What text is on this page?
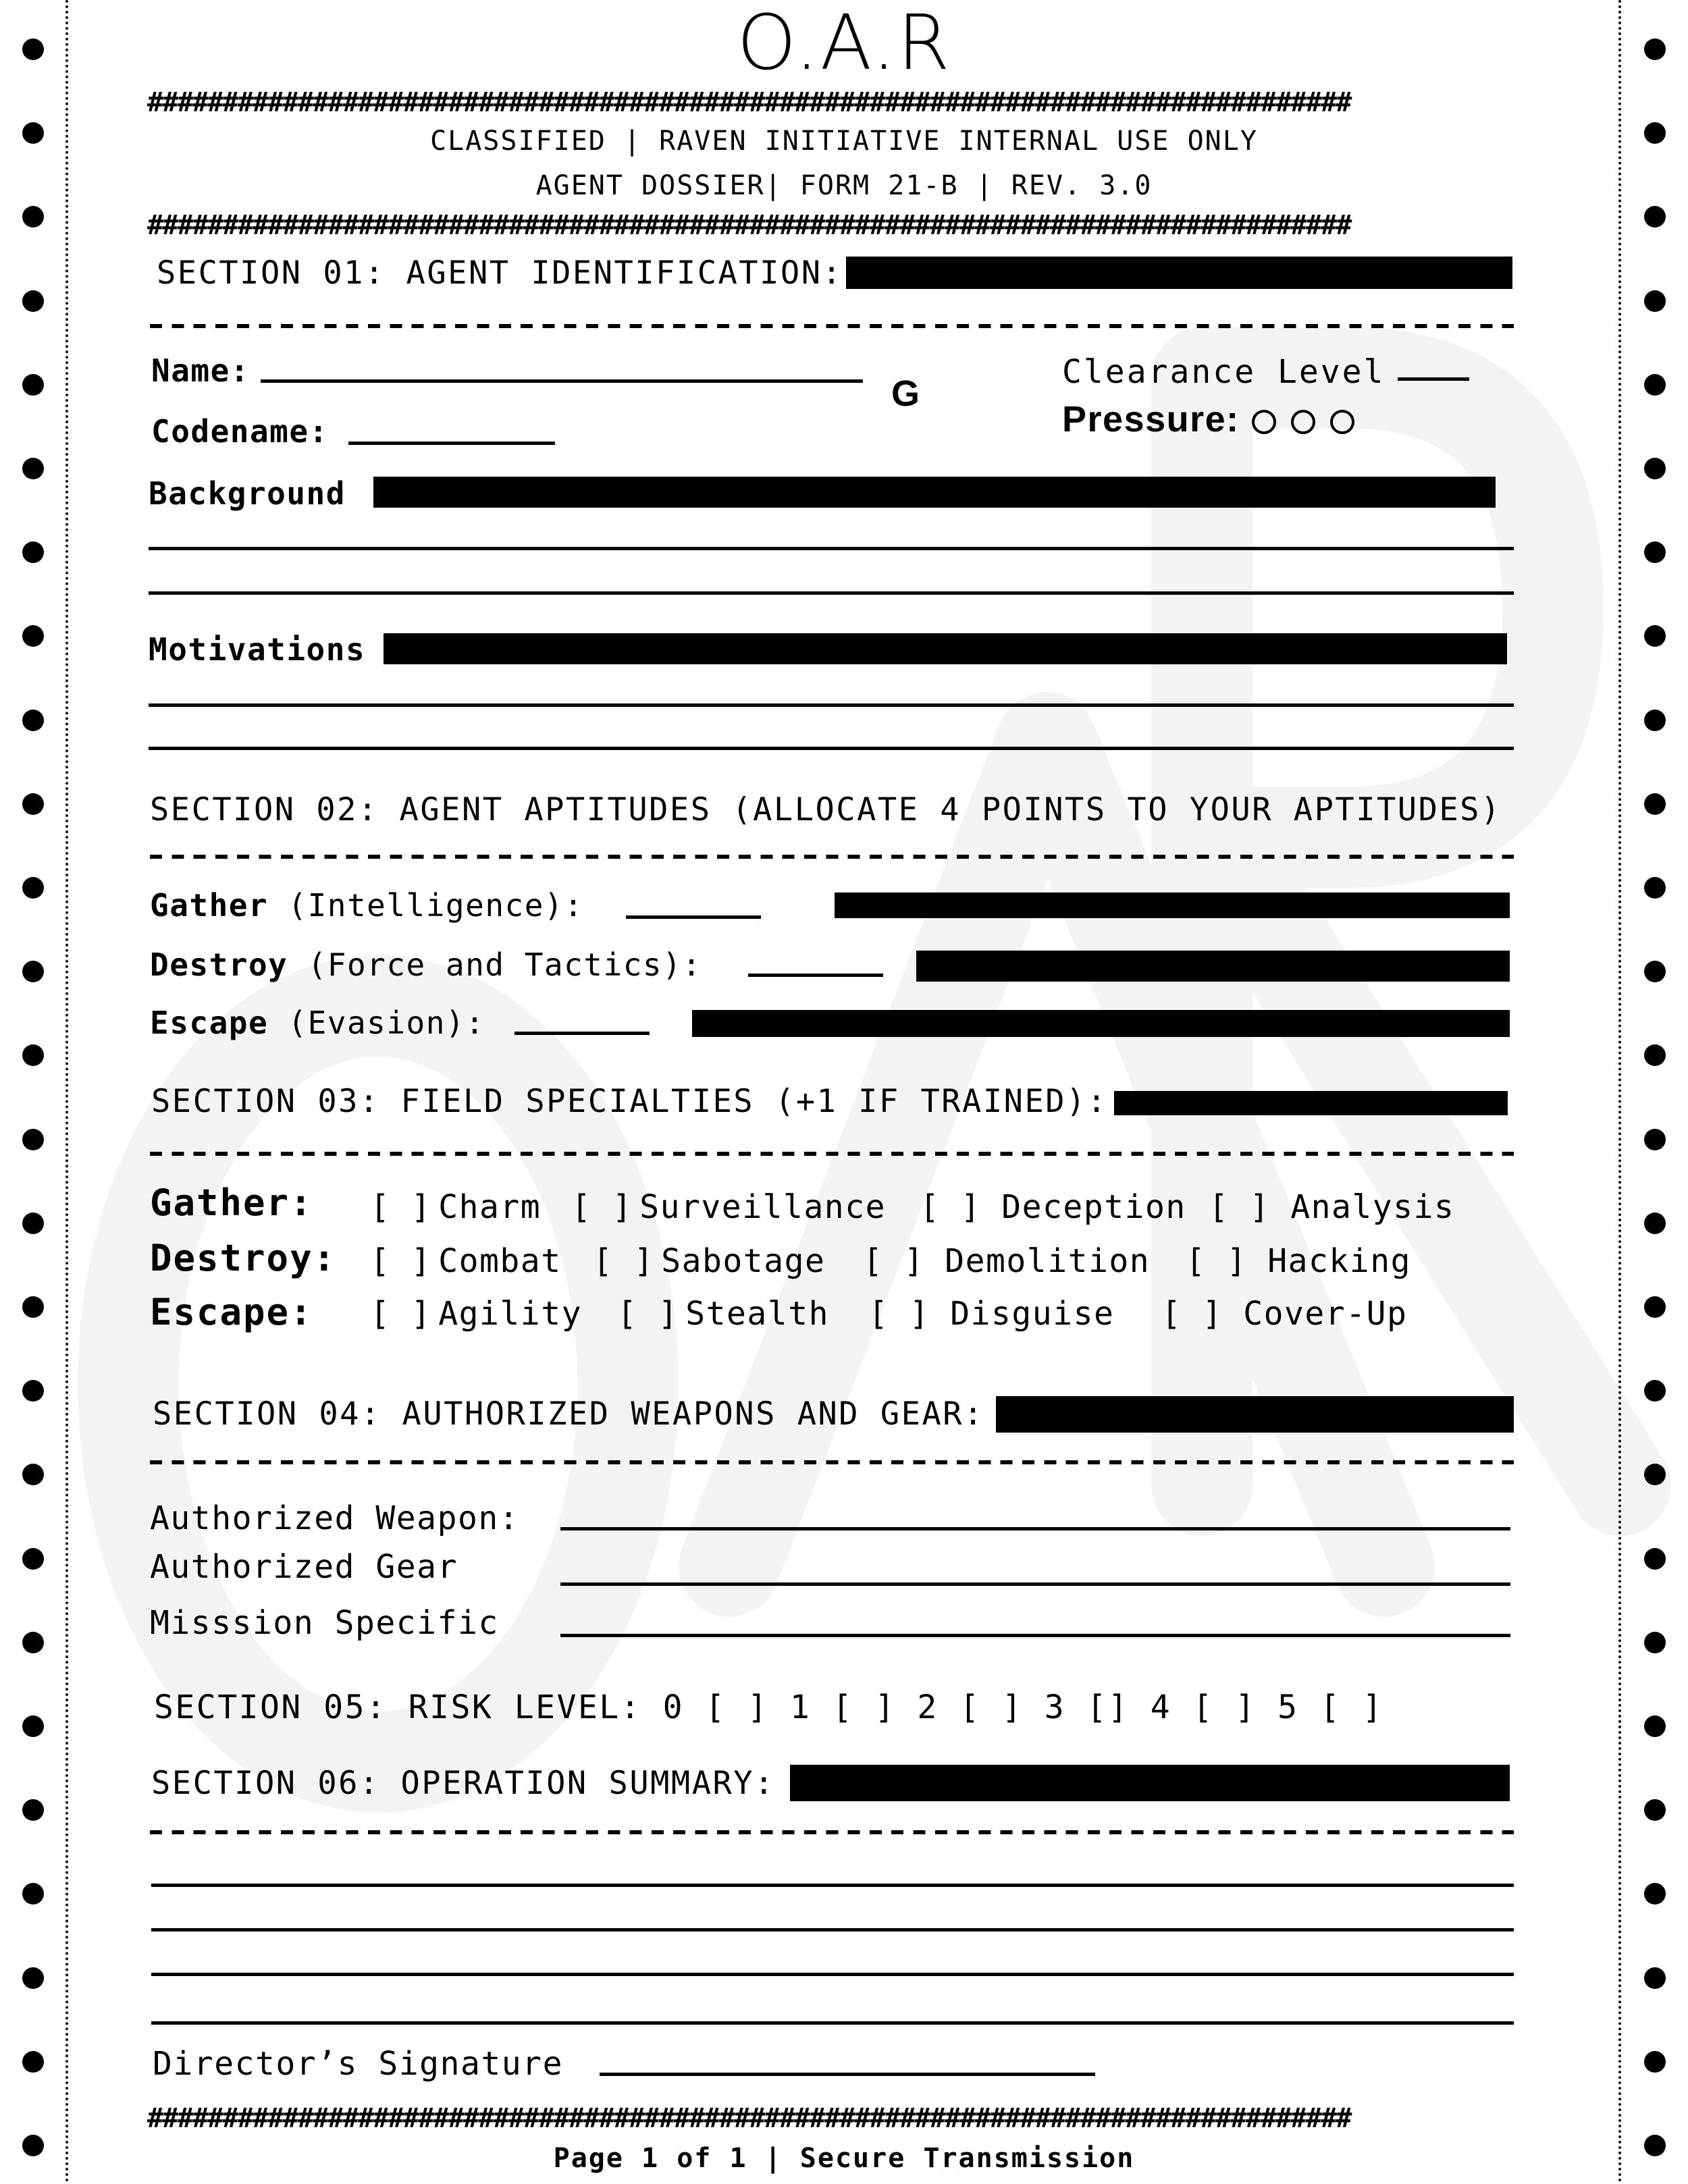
O.A.R
################################################################################
CLASSIFIED | RAVEN INITIATIVE INTERNAL USE ONLY
AGENT DOSSIER| FORM 21-B | REV. 3.0
################################################################################
SECTION 01: AGENT IDENTIFICATION:
Name:
G
Clearance Level
Pressure:
Codename:
Background
Motivations
SECTION 02: AGENT APTITUDES (ALLOCATE 4 POINTS TO YOUR APTITUDES)
Gather (Intelligence):
Destroy (Force and Tactics):
Escape (Evasion):
SECTION 03: FIELD SPECIALTIES (+1 IF TRAINED):
Gather:
Destroy:
Escape:
[ ] Charm [ ] Surveillance [ ] Deception [ ] Analysis
[ ] Combat [ ] Sabotage [ ] Demolition [ ] Hacking
[ ] Agility [ ] Stealth [ ] Disguise [ ] Cover-Up
SECTION 04: AUTHORIZED WEAPONS AND GEAR:
Authorized Weapon:
Authorized Gear
Misssion Specific
SECTION 05: RISK LEVEL: 0 [ ] 1 [ ] 2 [ ] 3 [] 4 [ ] 5 [ ]
SECTION 06: OPERATION SUMMARY:
Director’s Signature
################################################################################
Page 1 of 1 | Secure Transmission
